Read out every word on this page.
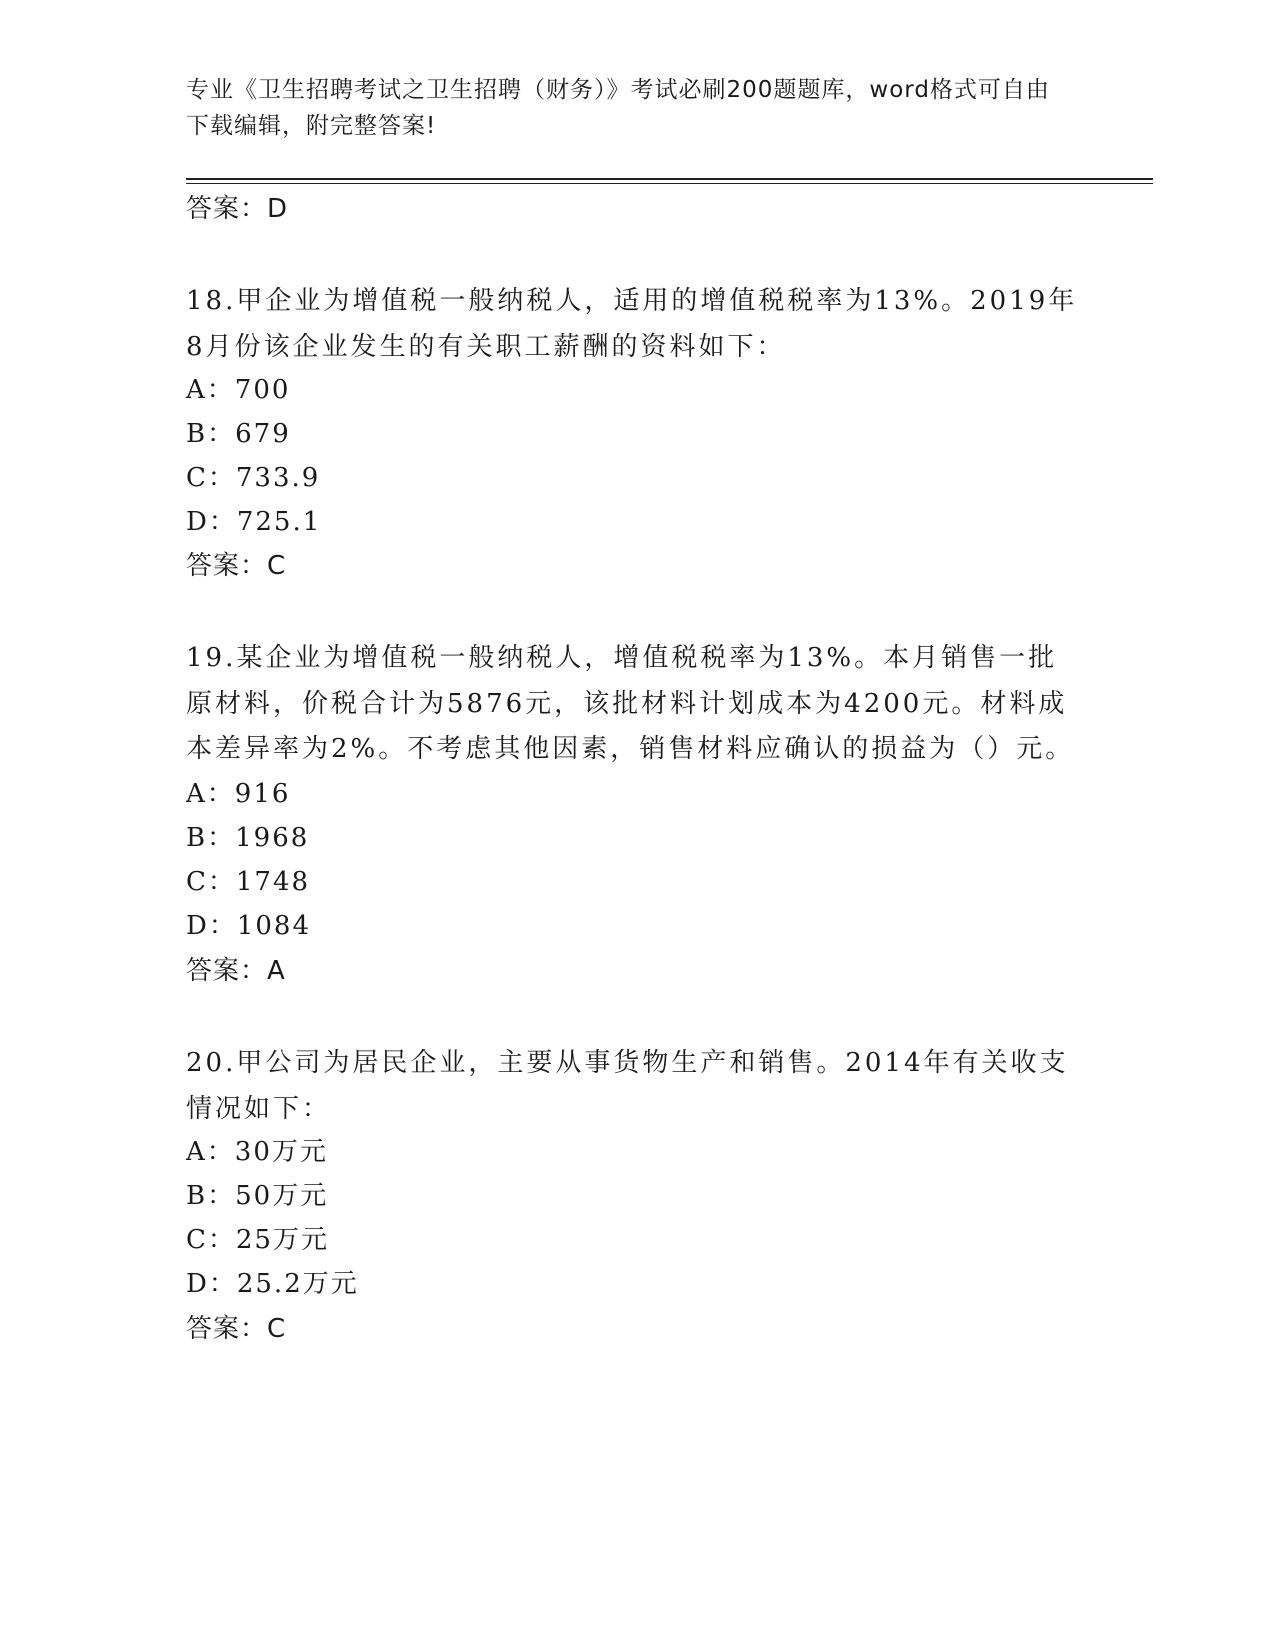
专业《卫生招聘考试之卫生招聘（财务）》考试必刷200题题库，word格式可自由下载编辑，附完整答案!
答案：D
18.甲企业为增值税一般纳税人，适用的增值税税率为13%。2019年8月份该企业发生的有关职工薪酬的资料如下：
A：700
B：679
C：733.9
D：725.1
答案：C
19.某企业为增值税一般纳税人，增值税税率为13%。本月销售一批原材料，价税合计为5876元，该批材料计划成本为4200元。材料成本差异率为2%。不考虑其他因素，销售材料应确认的损益为（）元。
A：916
B：1968
C：1748
D：1084
答案：A
20.甲公司为居民企业，主要从事货物生产和销售。2014年有关收支情况如下：
A：30万元
B：50万元
C：25万元
D：25.2万元
答案：C
